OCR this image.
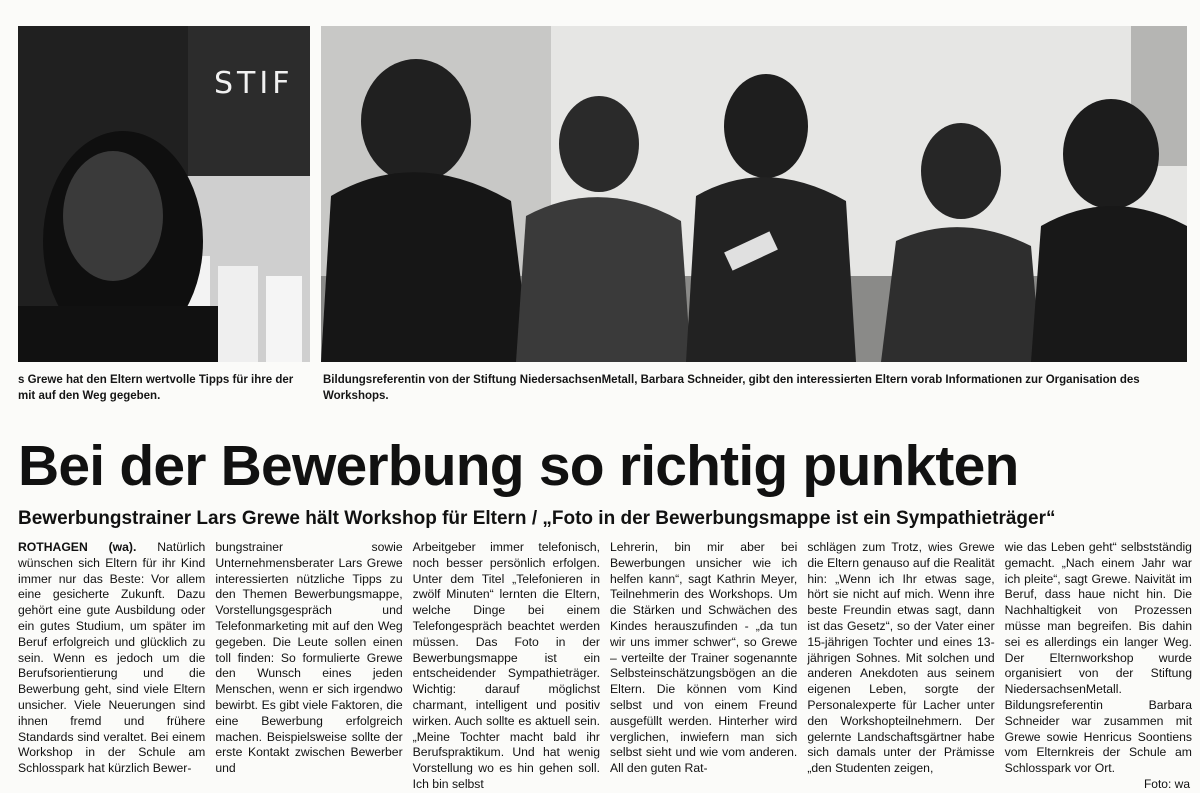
STIF
s Grewe hat den Eltern wertvolle Tipps für ihre der mit auf den Weg gegeben.
Bildungsreferentin von der Stiftung NiedersachsenMetall, Barbara Schneider, gibt den interessierten Eltern vorab Informationen zur Organisation des Workshops.
Bei der Bewerbung so richtig punkten
Bewerbungstrainer Lars Grewe hält Workshop für Eltern / „Foto in der Bewerbungsmappe ist ein Sympathieträger“
ROTHAGEN (wa). Natürlich wünschen sich Eltern für ihr Kind immer nur das Beste: Vor allem eine gesicherte Zukunft. Dazu gehört eine gute Ausbildung oder ein gutes Studium, um später im Beruf erfolgreich und glücklich zu sein. Wenn es jedoch um die Berufsorientierung und die Bewerbung geht, sind viele Eltern unsicher. Viele Neuerungen sind ihnen fremd und frühere Standards sind veraltet. Bei einem Workshop in der Schule am Schlosspark hat kürzlich Bewer-
bungstrainer sowie Unternehmensberater Lars Grewe interessierten nützliche Tipps zu den Themen Bewerbungsmappe, Vorstellungsgespräch und Telefonmarketing mit auf den Weg gegeben. Die Leute sollen einen toll finden: So formulierte Grewe den Wunsch eines jeden Menschen, wenn er sich irgendwo bewirbt. Es gibt viele Faktoren, die eine Bewerbung erfolgreich machen. Beispielsweise sollte der erste Kontakt zwischen Bewerber und
Arbeitgeber immer telefonisch, noch besser persönlich erfolgen. Unter dem Titel „Telefonieren in zwölf Minuten“ lernten die Eltern, welche Dinge bei einem Telefongespräch beachtet werden müssen. Das Foto in der Bewerbungsmappe ist ein entscheidender Sympathieträger. Wichtig: darauf möglichst charmant, intelligent und positiv wirken. Auch sollte es aktuell sein. „Meine Tochter macht bald ihr Berufspraktikum. Und hat wenig Vorstellung wo es hin gehen soll. Ich bin selbst
Lehrerin, bin mir aber bei Bewerbungen unsicher wie ich helfen kann“, sagt Kathrin Meyer, Teilnehmerin des Workshops. Um die Stärken und Schwächen des Kindes herauszufinden - „da tun wir uns immer schwer“, so Grewe – verteilte der Trainer sogenannte Selbsteinschätzungsbögen an die Eltern. Die können vom Kind selbst und von einem Freund ausgefüllt werden. Hinterher wird verglichen, inwiefern man sich selbst sieht und wie vom anderen. All den guten Rat-
schlägen zum Trotz, wies Grewe die Eltern genauso auf die Realität hin: „Wenn ich Ihr etwas sage, hört sie nicht auf mich. Wenn ihre beste Freundin etwas sagt, dann ist das Gesetz“, so der Vater einer 15-jährigen Tochter und eines 13-jährigen Sohnes. Mit solchen und anderen Anekdoten aus seinem eigenen Leben, sorgte der Personalexperte für Lacher unter den Workshopteilnehmern. Der gelernte Landschaftsgärtner habe sich damals unter der Prämisse „den Studenten zeigen,
wie das Leben geht“ selbstständig gemacht. „Nach einem Jahr war ich pleite“, sagt Grewe. Naivität im Beruf, dass haue nicht hin. Die Nachhaltigkeit von Prozessen müsse man begreifen. Bis dahin sei es allerdings ein langer Weg. Der Elternworkshop wurde organisiert von der Stiftung NiedersachsenMetall. Bildungsreferentin Barbara Schneider war zusammen mit Grewe sowie Henricus Soontiens vom Elternkreis der Schule am Schlosspark vor Ort.
Foto: wa
